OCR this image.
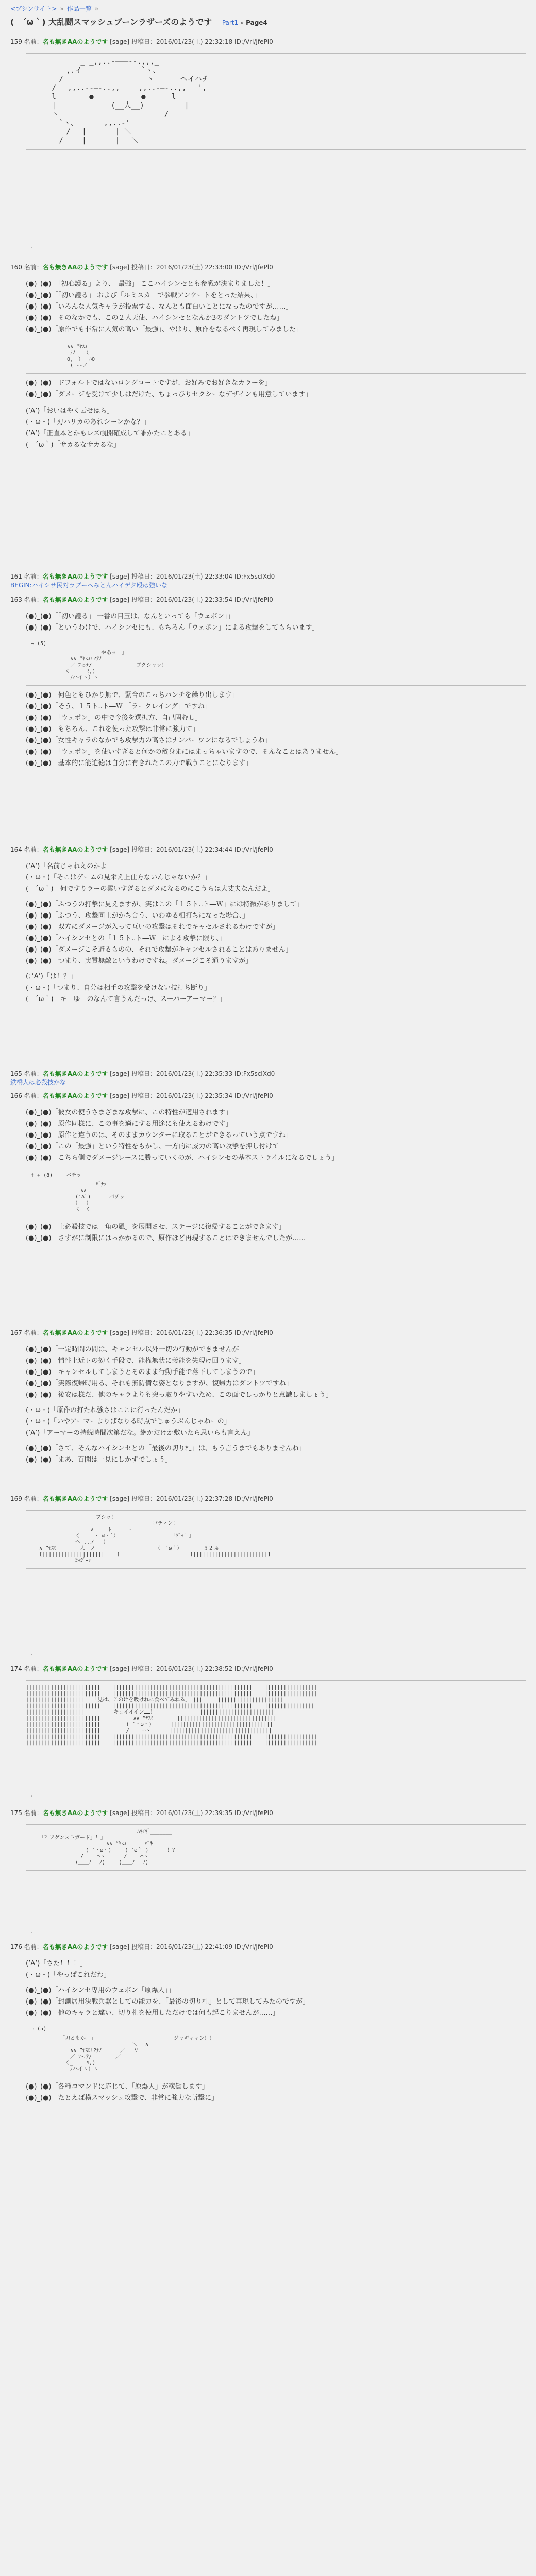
<ブシンサイト> » 作品一覧 »
(　´ω｀) 大乱闘スマッシュブーンラザーズのようです Part1 » Page4
159 名前：名も無きAAのようです [sage] 投稿日：2016/01/23(土) 22:32:18 ID:/Vrl/JfePl0
　　　　　　　 _ _,,..-―――--.,,,_
　　　　　 ,.イ　　　　　　 　 `ヽ、
　　　　 /　　　　　　　　　　　 ヽ　　　 ヘイハチ
　　　 /　 ,,..--―-..,,　　 ,,..-―-..,,　 ',
　　　 l　　　　 ●　　　　　　 ●　　　 l
　　　 |　　　　　　　 (__人__)　　　　　 |
　　　 ヽ　　　　　　　　　　　　　　 /
　　　　 `ヽ、______,,..-'
　　　　　 /　 |　　　　| ＼
　　　　 /　　 |　　　　|　 ＼
.
160 名前：名も無きAAのようです [sage] 投稿日：2016/01/23(土) 22:33:00 ID:/Vrl/JfePl0
(●)_(●)「「初心護る」より、「最強」 ここハイシンセとも参戦が決まりました！」
(●)_(●)「「初い護る」 および「ルミスカ」で参戦アンケートをとった結果、」
(●)_(●)「いろんな人気キャラが投票する、なんとも面白いことになったのですが……」
(●)_(●)「そのなかでも、この２人天使、ハイシンセとなんか3のダントツでしたね」
(●)_(●)「原作でも非常に人気の高い「最強」、やはり、原作をなるべく再現してみました」
　　　　　　　　∧∧ ”ﾔｽﾐ
　　　　　　　　 ﾉﾉ　 （
　　　　　　　　O,　）　 ﾊO
　　　　　　　　 ( ‐‐ノ
(●)_(●)「ドフォルトではないロングコートですが、お好みでお好きなカラーを」
(●)_(●)「ダメージを受けて少しはだけた、ちょっぴりセクシーなデザインも用意しています」
(’A’)「おいはやく云せはら」
(・ω・)「刃ハリカのあれシーンかな？」
(’A’)「正直本とかもレズ覗開確成して誰かたことある」
(　´ω｀)「サカるなサカるな」
161 名前：名も無きAAのようです [sage] 投稿日：2016/01/23(土) 22:33:04 ID:Fx5scIXd0
BEGIN:ハイシサ民対ラブーへみとんハイデク殴は強いな
163 名前：名も無きAAのようです [sage] 投稿日：2016/01/23(土) 22:33:54 ID:/Vrl/JfePl0
(●)_(●)「「初い護る」 一番の目玉は、なんといっても「ウェポン」」
(●)_(●)「というわけで、ハイシンセにも、もちろん「ウェポン」による攻撃をしてもらいます」
　→ (5)
　　　　　　　　　　　　　 「やあッ！」
　　　　　　　　 ∧∧ ”ﾔｽﾐ!?ﾃﾉ
　　　　　　　　 ／ ﾌっﾃ/　　　　　　　　 ブクシャッ！
　　　　　　　 く_　　 ﾏ,)
　　　　　　　　 ﾉハイヽ）ヽ
(●)_(●)「何色ともひかり無で、緊合のこっちパンチを繰り出します」
(●)_(●)「そう、１５ト..ト―Ｗ 「ラークレイング」ですね」
(●)_(●)「「ウェポン」の中で今後を選択方、自己固むし」
(●)_(●)「もちろん、これを使った攻撃は非常に強力て」
(●)_(●)「女性キャラのなかでも攻撃力の高さはナンバーワンになるでしょうね」
(●)_(●)「「ウェポン」を使いすぎると何かの敵身まにはまっちゃいますので、そんなことはありません」
(●)_(●)「基本的に能迫徳は自分に有きれたこの力で戦うことになります」
164 名前：名も無きAAのようです [sage] 投稿日：2016/01/23(土) 22:34:44 ID:/Vrl/JfePl0
(’A’)「名前じゃねえのかよ」
(・ω・)「そこはゲームの見栄え上仕方ないんじゃないか？」
(　´ω｀)「何ですりラーの雲いすぎるとダメになるのにこうらは大丈夫なんだよ」
(●)_(●)「ふつうの打撃に見えますが、実はこの「１５ト..ト―Ｗ」には特徴がありまして」
(●)_(●)「ふつう、攻撃同士がかち合う、いわゆる相打ちになった場合、」
(●)_(●)「双方にダメージが入って互いの攻撃はそれでキャセルされるわけですが」
(●)_(●)「ハイシンセとの「１５ト..ト―Ｗ」による攻撃に限り、」
(●)_(●)「ダメージこそ避るものの、それで攻撃がキャンセルされることはありません」
(●)_(●)「つまり、実質無敵というわけですね。ダメージこそ通りますが」
(；’A’)「は！？」
(・ω・)「つまり、自分は相手の攻撃を受けない技打ち断り」
(　´ω｀)「キ―ゆ―のなんて言うんだっけ、スーパーアーマー？」
165 名前：名も無きAAのようです [sage] 投稿日：2016/01/23(土) 22:35:33 ID:Fx5scIXd0
鉄橋人は必殺技かな
166 名前：名も無きAAのようです [sage] 投稿日：2016/01/23(土) 22:35:34 ID:/Vrl/JfePl0
(●)_(●)「彼女の使うさまざまな攻撃に、この特性が適用されます」
(●)_(●)「原作同様に、この事を適にする用途にも使えるわけです」
(●)_(●)「原作と違うのは、そのままカウンターに取ることができるっていう点ですね」
(●)_(●)「この「最強」という特性をもかし、一方的に威力の高い攻撃を押し付けて」
(●)_(●)「こちら側でダメージレースに勝っていくのが、ハイシンセの基本ストライルになるでしょう」
　† + (8)　　 バチッ
　　　　　　　　　　　　　 ﾊﾞﾁｯ
　　　　　　　　　　 ∧∧
　　　　　　　　　 ('A`)　　　 バチッ
　　　　　　　　　 ）　 ）
　　　　　　　　　 く　く
(●)_(●)「上必殺技では「角の風」を展開させ、ステージに復帰することができます」
(●)_(●)「さすがに制限にはっかかるので、原作ほど再現することはできませんでしたが……」
167 名前：名も無きAAのようです [sage] 投稿日：2016/01/23(土) 22:36:35 ID:/Vrl/JfePl0
(●)_(●)「一定時間の間は、キャンセル以外一切の行動ができませんが」
(●)_(●)「情性上近トの効く手段で、能権無状に義能を失現け回ります」
(●)_(●)「キャンセルしてしまうとそのまま行動手能で落下してしまうので」
(●)_(●)「実際復帰時用る、それも無防備な姿となりますが、復帰力はダントツですね」
(●)_(●)「後安は様だ、他のキャラよりも突っ取りやすいため、この面でしっかりと意識しましょう」
(・ω・)「原作の打たれ強さはここに行ったんだか」
(・ω・)「いやアーマーよりばなりる時点でじゅうぶんじゃねーの」
(’A’)「アーマーの持続時間次第だな。絶かだけか敷いたら思いらも言えん」
(●)_(●)「さて、そんなハイシンセとの「最後の切り札」は、もう言うまでもありませんね」
(●)_(●)「まあ、百聞は一見にしかずでしょう」
169 名前：名も無きAAのようです [sage] 投稿日：2016/01/23(土) 22:37:28 ID:/Vrl/JfePl0
　　　　　　　　　　　　　 ブシッ！
　　　　　　　　　　　　　　　　　　　　　　　　 ゴチィン！
　　　　　　　　　　　　 ∧　　 ト 　　 ‐
　　　　　　　　　 く　　 ・ ω・`）　　　　　　　　　　 「ｸﾞｯ！」
　　　　　　　　　 ヘ_..ノ　 ）
　　 ∧ ”ﾔｽﾐ　　　 ＿人＿ノ　　　　　　　　　　　 （　´ω｀）　　　　 ５２％
　　 [||||||||||||||||||||||||]　　　　　　　　　　　　　 [||||||||||||||||||||||||]
　　　　　　　　　 ｺｯｼﾞｰｯ
.
174 名前：名も無きAAのようです [sage] 投稿日：2016/01/23(土) 22:38:52 ID:/Vrl/JfePl0
||||||||||||||||||||||||||||||||||||||||||||||||||||||||||||||||||||||||||||||||||||||||||||||
||||||||||||||||||||||||||||||||||||||||||||||||||||||||||||||||||||||||||||||||||||||||||||||
|||||||||||||||||||　　「見は、このけを吸けれに食べてみねる」　|||||||||||||||||||||||||||||
|||||||||||||||||||||||||||||||||||||||||||||||||||||||||||||||||||||||||||||||||||||||||||||
|||||||||||||||||||　　　　　 キュイイイン……！　　　　　 |||||||||||||||||||||||||||||
|||||||||||||||||||||||||||　　　　 ∧∧ ”ﾔｽﾐ　　　　 ||||||||||||||||||||||||||||||||
||||||||||||||||||||||||||||　　 ( ´・ω・)　　　 |||||||||||||||||||||||||||||||||
||||||||||||||||||||||||||||　　 /　　 ⌒ヽ　　　 |||||||||||||||||||||||||||||||||
||||||||||||||||||||||||||||||||||||||||||||||||||||||||||||||||||||||||||||||||||||||||||||||
||||||||||||||||||||||||||||||||||||||||||||||||||||||||||||||||||||||||||||||||||||||||||||||
.
175 名前：名も無きAAのようです [sage] 投稿日：2016/01/23(土) 22:39:35 ID:/Vrl/JfePl0
　　　　　　　　　　　　　　　　　　　　　 ﾊｷｲｷﾞ_______
　　 「？アゲンストガード」！」
　　　　　　　　　　　　　　　 ∧∧ ”ﾔｽﾐ　　　 ﾊﾟｷ
　　　　　　　　　　　 ( ´・ω・)　　 ( ´ω｀ )　　　 ！？
　　　　　　　　　　 /　　 ⌒ヽ　　　 /　　 ⌒ヽ
　　　　　　　　　 (＿＿ﾉ　 ﾉ)　　 (＿＿ﾉ　 ﾉ)
.
176 名前：名も無きAAのようです [sage] 投稿日：2016/01/23(土) 22:41:09 ID:/Vrl/JfePl0
(’A’)「さた！！！」
(・ω・)「やっぱこれだわ」
(●)_(●)「ハイシンセ専用のウェポン「原爆人」」
(●)_(●)「封測居用決戦兵器としての能力を、「最後の切り札」として再現してみたのですが」
(●)_(●)「他のキャラと違い、切り札を使用しただけでは何も起こりませんが……」
　→ (5)
　　　　　　 「刃ともか！」　　　　　　　　　　　　　　　 ジャギィィン！！
　　　　　　　　　　　　　　　　　　　　 ＼　 ∧
　　　　　　　　 ∧∧ ”ﾔｽﾐ!?ﾃﾉ　　　 ／　 Ｖ
　　　　　　　　 ／ ﾌっﾃ/　　　　 ／
　　　　　　　 く_　　 ﾏ,)
　　　　　　　　 ﾉハイヽ）ヽ
(●)_(●)「各種コマンドに応じて、「原爆人」が稼働します」
(●)_(●)「たとえば横スマッシュ攻撃で、非常に強力な斬撃に」
